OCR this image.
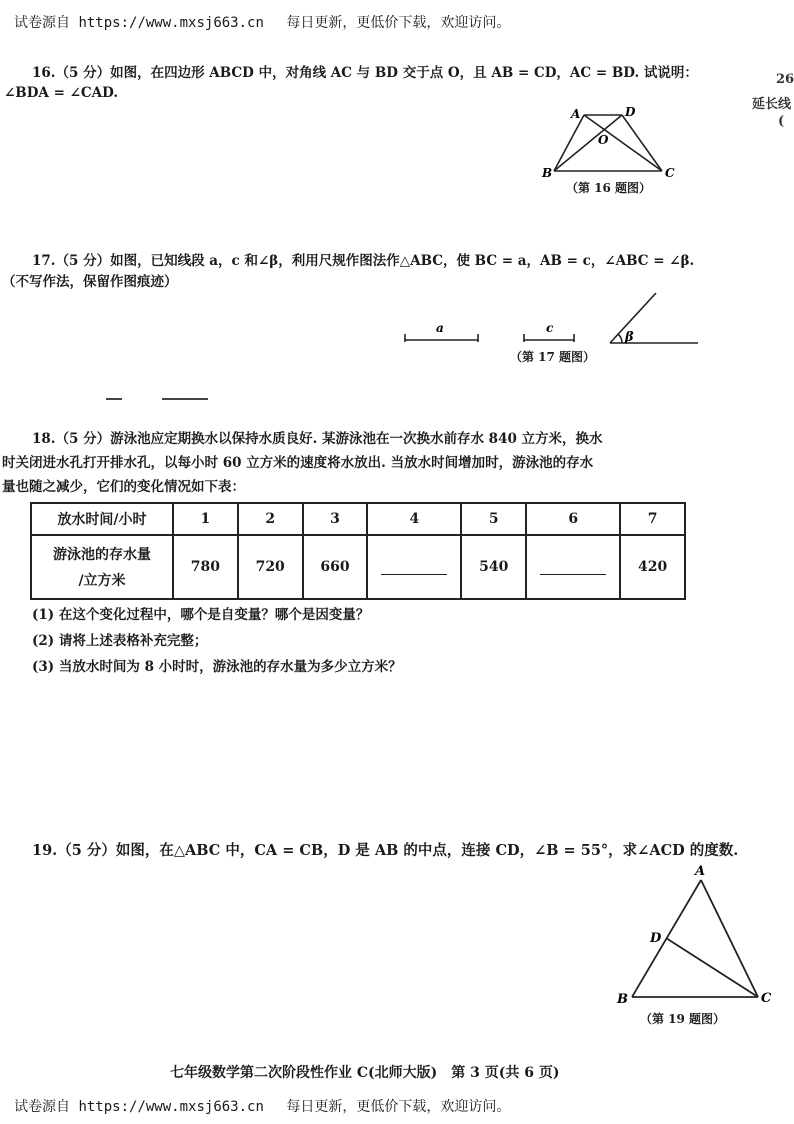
试卷源自 https://www.mxsj663.cn 每日更新，更低价下载，欢迎访问。
26
延长线
(
16.（5 分）如图，在四边形 ABCD 中，对角线 AC 与 BD 交于点 O，且 AB = CD，AC = BD. 试说明：
∠BDA = ∠CAD.
A	D
O
B	C
（第 16 题图）
17.（5 分）如图，已知线段 a，c 和∠β，利用尺规作图法作△ABC，使 BC = a，AB = c，∠ABC = ∠β.
（不写作法，保留作图痕迹）
a	c
β
（第 17 题图）
18.（5 分）游泳池应定期换水以保持水质良好. 某游泳池在一次换水前存水 840 立方米，换水
时关闭进水孔打开排水孔，以每小时 60 立方米的速度将水放出. 当放水时间增加时，游泳池的存水
量也随之减少，它们的变化情况如下表：
放水时间/小时	1	2	3	4	5	6	7

游泳池的存水量
/立方米	780	720	660		540		420
(1) 在这个变化过程中，哪个是自变量？哪个是因变量？
(2) 请将上述表格补充完整；
(3) 当放水时间为 8 小时时，游泳池的存水量为多少立方米？
19.（5 分）如图，在△ABC 中，CA = CB，D 是 AB 的中点，连接 CD，∠B = 55°，求∠ACD 的度数.
A
D
B	C
（第 19 题图）
七年级数学第二次阶段性作业 C(北师大版)　第 3 页(共 6 页)
试卷源自 https://www.mxsj663.cn 每日更新，更低价下载，欢迎访问。
